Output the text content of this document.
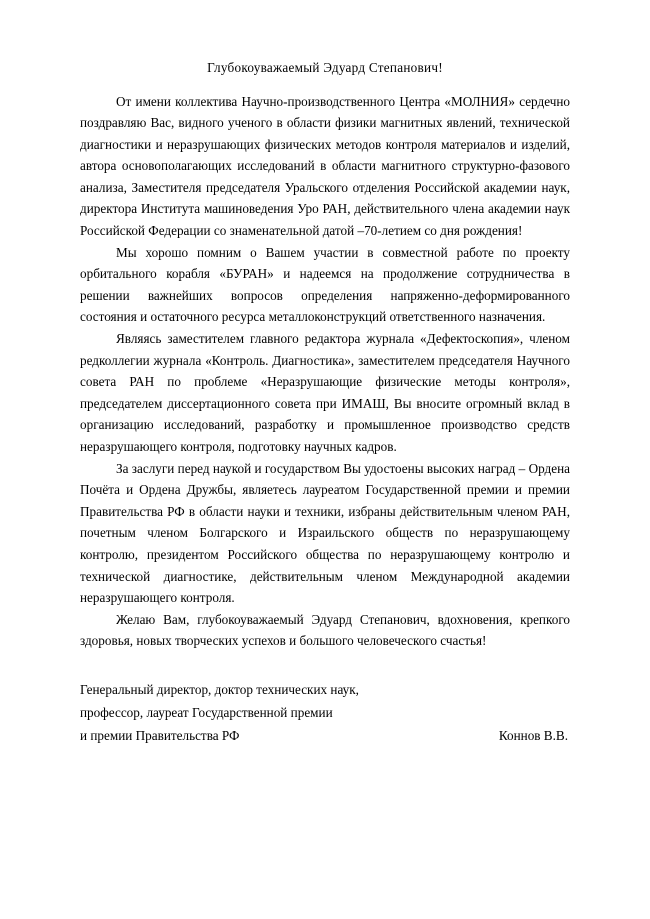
Глубокоуважаемый Эдуард Степанович!

От имени коллектива Научно-производственного Центра «МОЛНИЯ» сердечно поздравляю Вас, видного ученого в области физики магнитных явлений, технической диагностики и неразрушающих физических методов контроля материалов и изделий, автора основополагающих исследований в области магнитного структурно-фазового анализа, Заместителя председателя Уральского отделения Российской академии наук, директора Института машиноведения Уро РАН, действительного члена академии наук Российской Федерации со знаменательной датой –70-летием со дня рождения!

Мы хорошо помним о Вашем участии в совместной работе по проекту орбитального корабля «БУРАН» и надеемся на продолжение сотрудничества в решении важнейших вопросов определения напряженно-деформированного состояния и остаточного ресурса металлоконструкций ответственного назначения.

Являясь заместителем главного редактора журнала «Дефектоскопия», членом редколлегии журнала «Контроль. Диагностика», заместителем председателя Научного совета РАН по проблеме «Неразрушающие физические методы контроля», председателем диссертационного совета при ИМАШ, Вы вносите огромный вклад в организацию исследований, разработку и промышленное производство средств неразрушающего контроля, подготовку научных кадров.

За заслуги перед наукой и государством Вы удостоены высоких наград – Ордена Почёта и Ордена Дружбы, являетесь лауреатом Государственной премии и премии Правительства РФ в области науки и техники, избраны действительным членом РАН, почетным членом Болгарского и Израильского обществ по неразрушающему контролю, президентом Российского общества по неразрушающему контролю и технической диагностике, действительным членом Международной академии неразрушающего контроля.

Желаю Вам, глубокоуважаемый Эдуард Степанович, вдохновения, крепкого здоровья, новых творческих успехов и большого человеческого счастья!

Генеральный директор, доктор технических наук,
профессор, лауреат Государственной премии
и премии Правительства РФ	Коннов В.В.
